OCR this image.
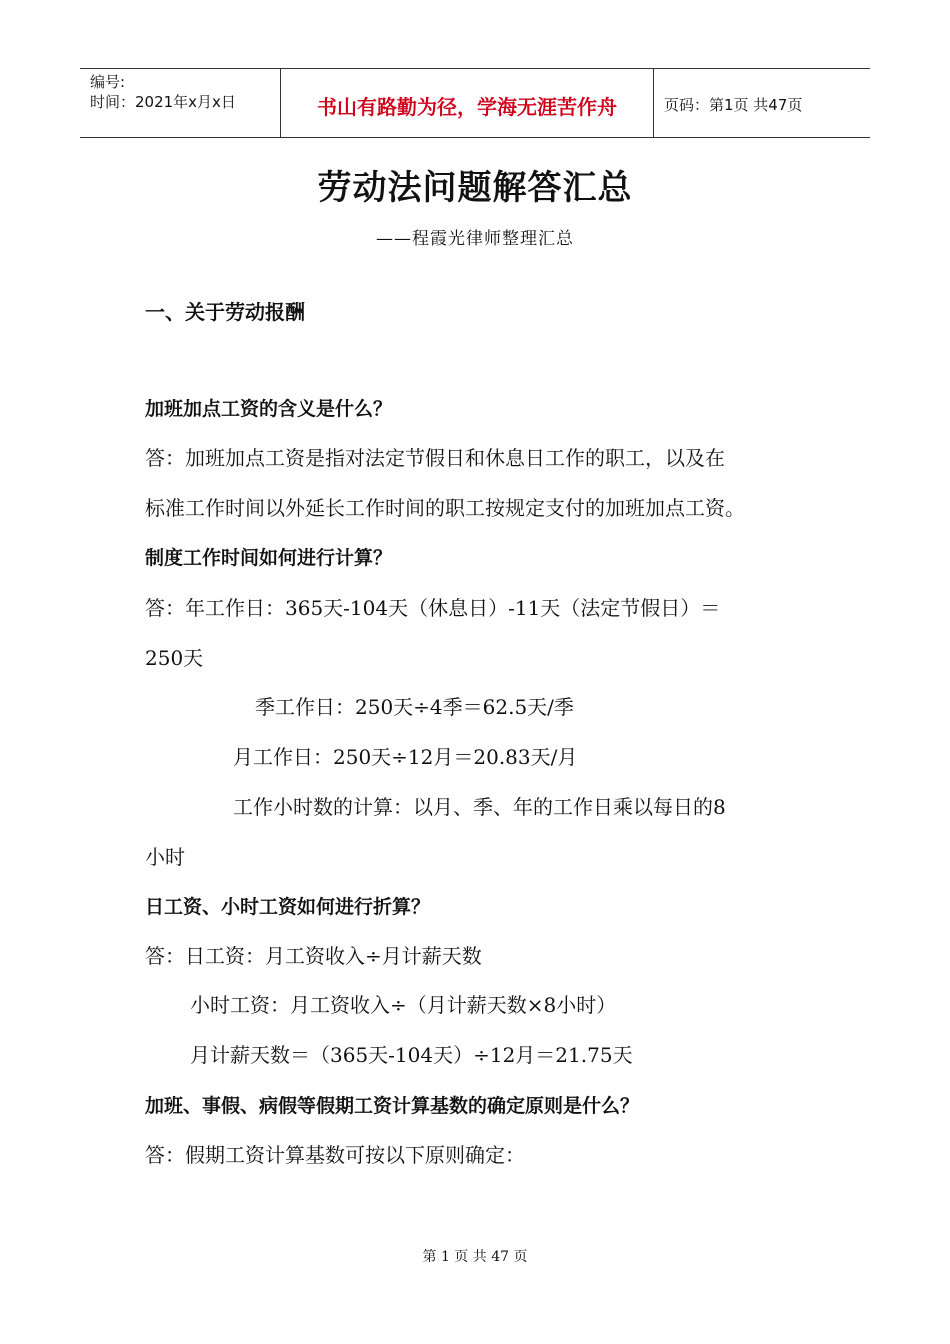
编号:
时间：2021年x月x日	书山有路勤为径，学海无涯苦作舟	页码：第1页 共47页
劳动法问题解答汇总
——程霞光律师整理汇总
一、关于劳动报酬
加班加点工资的含义是什么？
答：加班加点工资是指对法定节假日和休息日工作的职工，以及在
标准工作时间以外延长工作时间的职工按规定支付的加班加点工资。
制度工作时间如何进行计算？
答：年工作日：365天-104天（休息日）-11天（法定节假日）＝
250天
季工作日：250天÷4季＝62.5天/季
月工作日：250天÷12月＝20.83天/月
工作小时数的计算：以月、季、年的工作日乘以每日的8
小时
日工资、小时工资如何进行折算？
答：日工资：月工资收入÷月计薪天数
小时工资：月工资收入÷（月计薪天数×8小时）
月计薪天数＝（365天-104天）÷12月＝21.75天
加班、事假、病假等假期工资计算基数的确定原则是什么？
答：假期工资计算基数可按以下原则确定：
第 1 页 共 47 页
